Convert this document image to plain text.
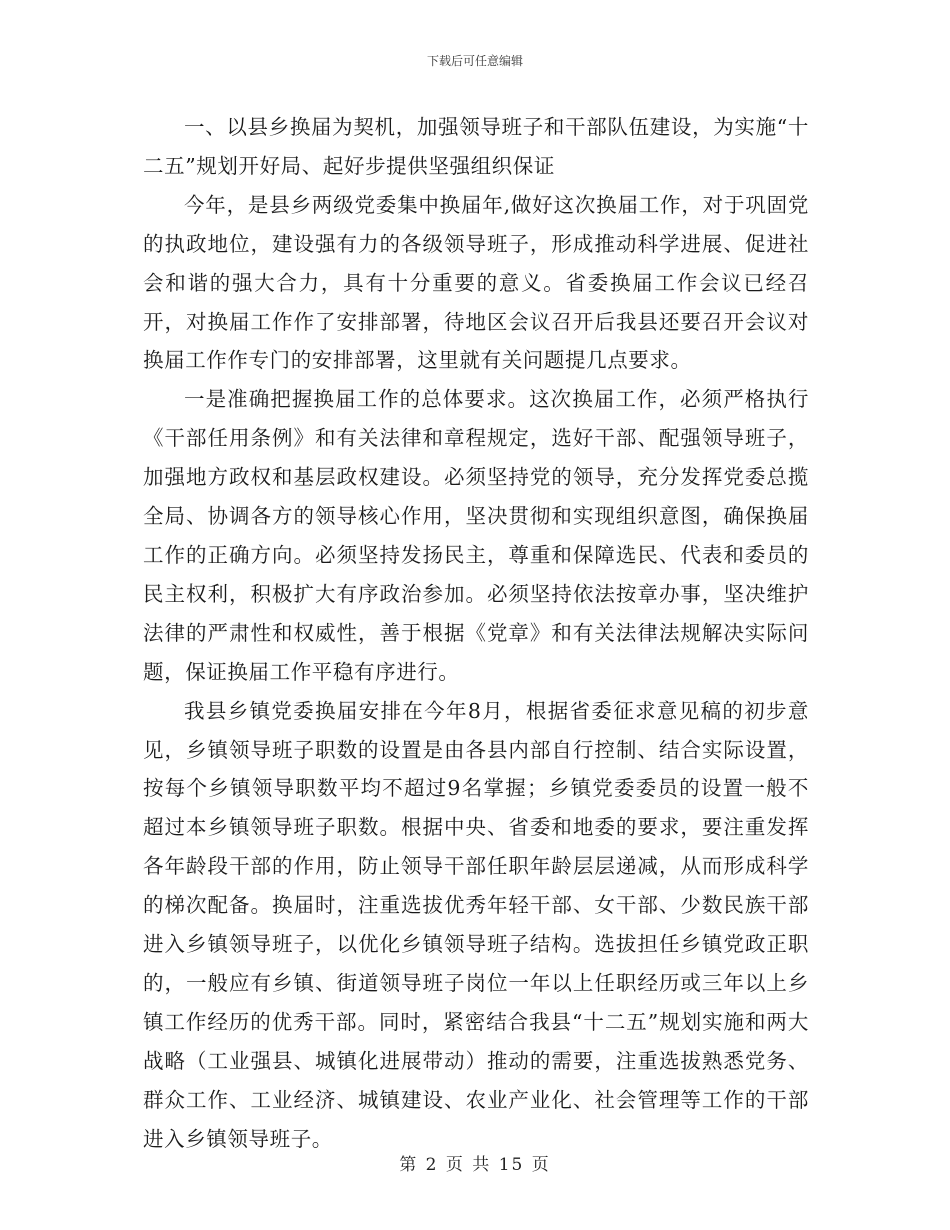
下载后可任意编辑

一、以县乡换届为契机，加强领导班子和干部队伍建设，为实施“十二五”规划开好局、起好步提供坚强组织保证

今年，是县乡两级党委集中换届年,做好这次换届工作，对于巩固党的执政地位，建设强有力的各级领导班子，形成推动科学进展、促进社会和谐的强大合力，具有十分重要的意义。省委换届工作会议已经召开，对换届工作作了安排部署，待地区会议召开后我县还要召开会议对换届工作作专门的安排部署，这里就有关问题提几点要求。

一是准确把握换届工作的总体要求。这次换届工作，必须严格执行《干部任用条例》和有关法律和章程规定，选好干部、配强领导班子，加强地方政权和基层政权建设。必须坚持党的领导，充分发挥党委总揽全局、协调各方的领导核心作用，坚决贯彻和实现组织意图，确保换届工作的正确方向。必须坚持发扬民主，尊重和保障选民、代表和委员的民主权利，积极扩大有序政治参加。必须坚持依法按章办事，坚决维护法律的严肃性和权威性，善于根据《党章》和有关法律法规解决实际问题，保证换届工作平稳有序进行。

我县乡镇党委换届安排在今年8月，根据省委征求意见稿的初步意见，乡镇领导班子职数的设置是由各县内部自行控制、结合实际设置，按每个乡镇领导职数平均不超过9名掌握；乡镇党委委员的设置一般不超过本乡镇领导班子职数。根据中央、省委和地委的要求，要注重发挥各年龄段干部的作用，防止领导干部任职年龄层层递减，从而形成科学的梯次配备。换届时，注重选拔优秀年轻干部、女干部、少数民族干部进入乡镇领导班子，以优化乡镇领导班子结构。选拔担任乡镇党政正职的，一般应有乡镇、街道领导班子岗位一年以上任职经历或三年以上乡镇工作经历的优秀干部。同时，紧密结合我县“十二五”规划实施和两大战略（工业强县、城镇化进展带动）推动的需要，注重选拔熟悉党务、群众工作、工业经济、城镇建设、农业产业化、社会管理等工作的干部进入乡镇领导班子。

第 2 页 共 15 页
